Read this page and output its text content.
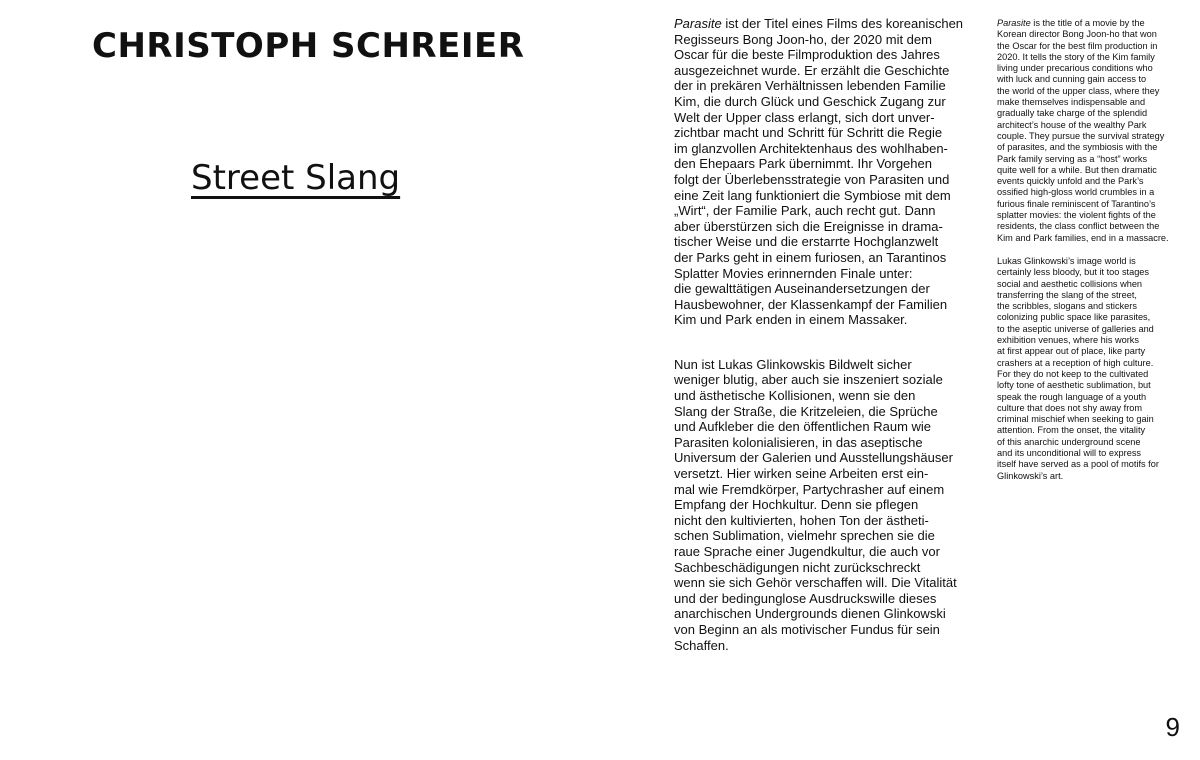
CHRISTOPH SCHREIER
Street Slang

Parasite ist der Titel eines Films des koreanischen
Regisseurs Bong Joon-ho, der 2020 mit dem
Oscar für die beste Filmproduktion des Jahres
ausgezeichnet wurde. Er erzählt die Geschichte
der in prekären Verhältnissen lebenden Familie
Kim, die durch Glück und Geschick Zugang zur
Welt der Upper class erlangt, sich dort unver-
zichtbar macht und Schritt für Schritt die Regie
im glanzvollen Architektenhaus des wohlhaben-
den Ehepaars Park übernimmt. Ihr Vorgehen
folgt der Überlebensstrategie von Parasiten und
eine Zeit lang funktioniert die Symbiose mit dem
„Wirt“, der Familie Park, auch recht gut. Dann
aber überstürzen sich die Ereignisse in drama-
tischer Weise und die erstarrte Hochglanzwelt
der Parks geht in einem furiosen, an Tarantinos
Splatter Movies erinnernden Finale unter:
die gewalttätigen Auseinandersetzungen der
Hausbewohner, der Klassenkampf der Familien
Kim und Park enden in einem Massaker.

Nun ist Lukas Glinkowskis Bildwelt sicher
weniger blutig, aber auch sie inszeniert soziale
und ästhetische Kollisionen, wenn sie den
Slang der Straße, die Kritzeleien, die Sprüche
und Aufkleber die den öffentlichen Raum wie
Parasiten kolonialisieren, in das aseptische
Universum der Galerien und Ausstellungshäuser
versetzt. Hier wirken seine Arbeiten erst ein-
mal wie Fremdkörper, Partychrasher auf einem
Empfang der Hochkultur. Denn sie pflegen
nicht den kultivierten, hohen Ton der ästheti-
schen Sublimation, vielmehr sprechen sie die
raue Sprache einer Jugendkultur, die auch vor
Sachbeschädigungen nicht zurückschreckt
wenn sie sich Gehör verschaffen will. Die Vitalität
und der bedingunglose Ausdruckswille dieses
anarchischen Undergrounds dienen Glinkowski
von Beginn an als motivischer Fundus für sein
Schaffen.

Parasite is the title of a movie by the
Korean director Bong Joon-ho that won
the Oscar for the best film production in
2020. It tells the story of the Kim family
living under precarious conditions who
with luck and cunning gain access to
the world of the upper class, where they
make themselves indispensable and
gradually take charge of the splendid
architect’s house of the wealthy Park
couple. They pursue the survival strategy
of parasites, and the symbiosis with the
Park family serving as a “host” works
quite well for a while. But then dramatic
events quickly unfold and the Park’s
ossified high-gloss world crumbles in a
furious finale reminiscent of Tarantino’s
splatter movies: the violent fights of the
residents, the class conflict between the
Kim and Park families, end in a massacre.

Lukas Glinkowski’s image world is
certainly less bloody, but it too stages
social and aesthetic collisions when
transferring the slang of the street,
the scribbles, slogans and stickers
colonizing public space like parasites,
to the aseptic universe of galleries and
exhibition venues, where his works
at first appear out of place, like party
crashers at a reception of high culture.
For they do not keep to the cultivated
lofty tone of aesthetic sublimation, but
speak the rough language of a youth
culture that does not shy away from
criminal mischief when seeking to gain
attention. From the onset, the vitality
of this anarchic underground scene
and its unconditional will to express
itself have served as a pool of motifs for
Glinkowski’s art.

9
